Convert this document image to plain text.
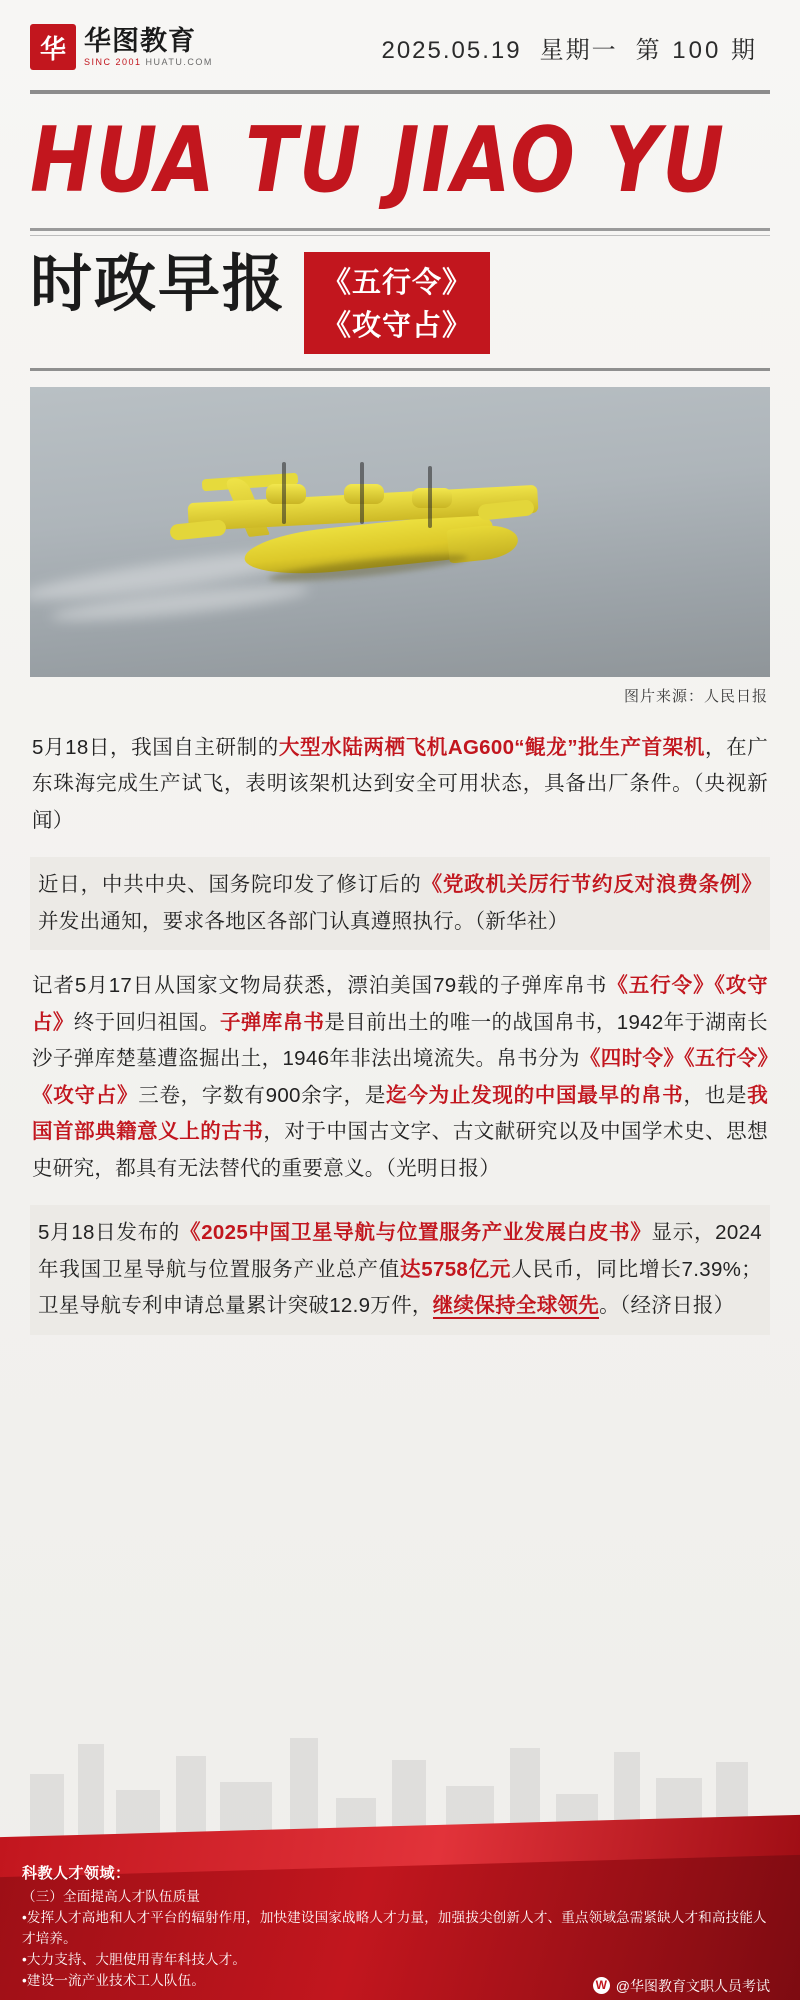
华 华图教育
SINC 2001 HUATU.COM	2025.05.19 星期一 第 100 期
HUA TU JIAO YU
时政早报 《五行令》
《攻守占》
图片来源：人民日报
5月18日，我国自主研制的大型水陆两栖飞机AG600“鲲龙”批生产首架机，在广东珠海完成生产试飞，表明该架机达到安全可用状态，具备出厂条件。（央视新闻）
近日，中共中央、国务院印发了修订后的《党政机关厉行节约反对浪费条例》并发出通知，要求各地区各部门认真遵照执行。（新华社）
记者5月17日从国家文物局获悉，漂泊美国79载的子弹库帛书《五行令》《攻守占》终于回归祖国。子弹库帛书是目前出土的唯一的战国帛书，1942年于湖南长沙子弹库楚墓遭盗掘出土，1946年非法出境流失。帛书分为《四时令》《五行令》《攻守占》三卷，字数有900余字，是迄今为止发现的中国最早的帛书，也是我国首部典籍意义上的古书，对于中国古文字、古文献研究以及中国学术史、思想史研究，都具有无法替代的重要意义。（光明日报）
5月18日发布的《2025中国卫星导航与位置服务产业发展白皮书》显示，2024年我国卫星导航与位置服务产业总产值达5758亿元人民币，同比增长7.39%；卫星导航专利申请总量累计突破12.9万件，继续保持全球领先。（经济日报）
科教人才领域：
（三）全面提高人才队伍质量
•发挥人才高地和人才平台的辐射作用，加快建设国家战略人才力量，加强拔尖创新人才、重点领域急需紧缺人才和高技能人才培养。
•大力支持、大胆使用青年科技人才。
•建设一流产业技术工人队伍。	W @华图教育文职人员考试
